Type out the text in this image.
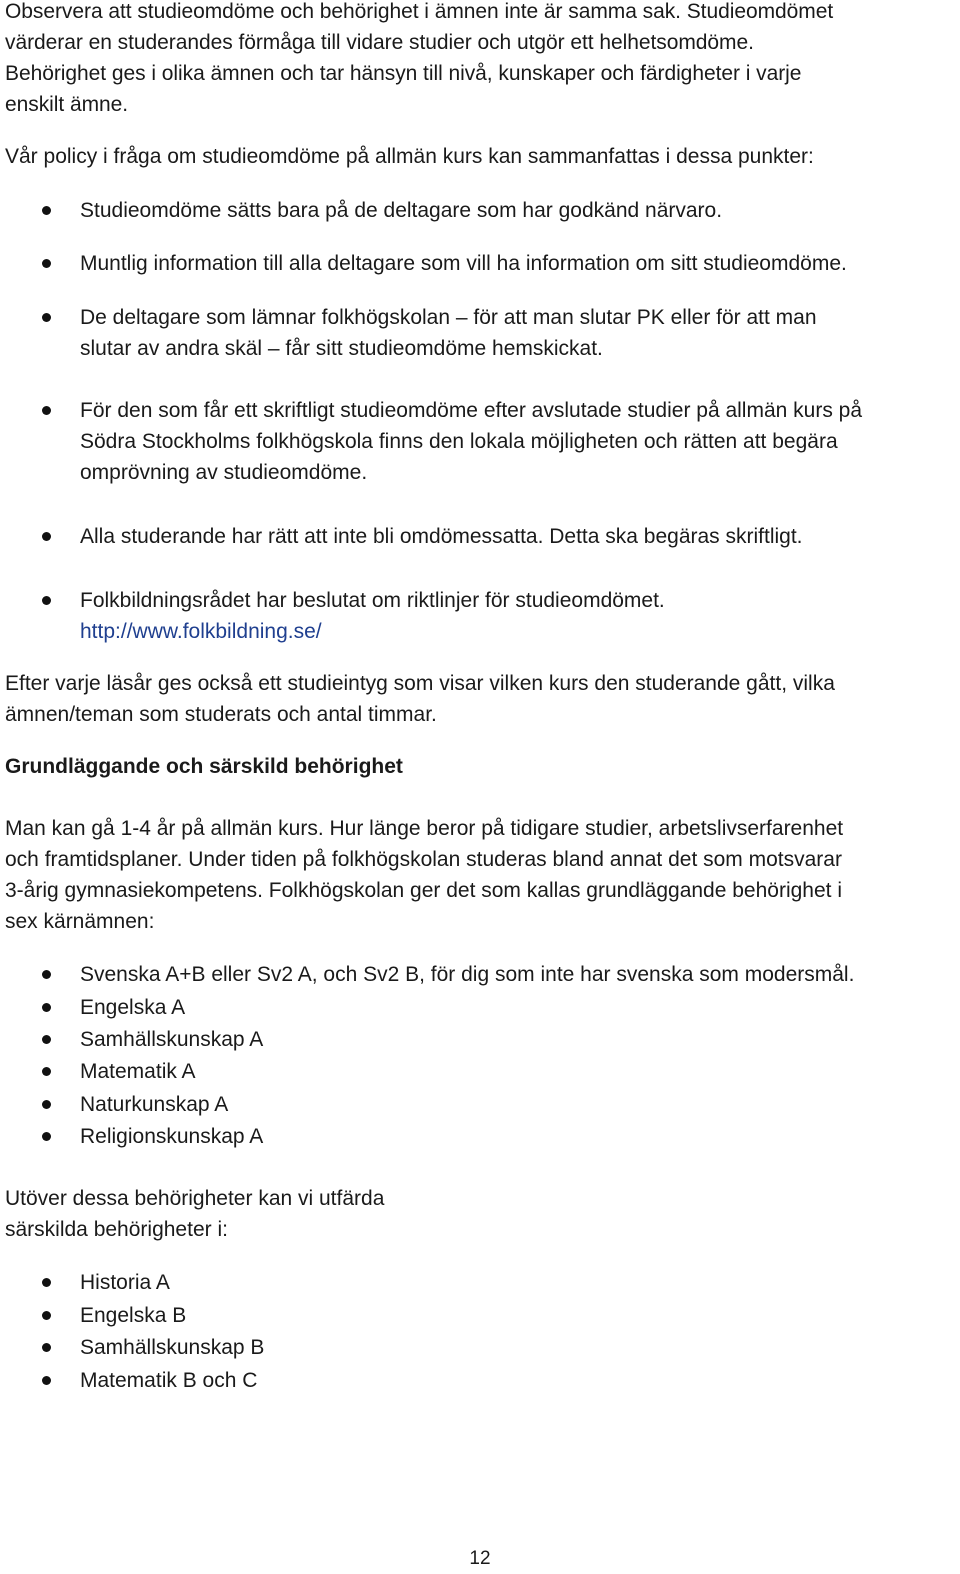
Observera att studieomdöme och behörighet i ämnen inte är samma sak. Studieomdömet
värderar en studerandes förmåga till vidare studier och utgör ett helhetsomdöme.
Behörighet ges i olika ämnen och tar hänsyn till nivå, kunskaper och färdigheter i varje
enskilt ämne.

Vår policy i fråga om studieomdöme på allmän kurs kan sammanfattas i dessa punkter:

Studieomdöme sätts bara på de deltagare som har godkänd närvaro.
Muntlig information till alla deltagare som vill ha information om sitt studieomdöme.
De deltagare som lämnar folkhögskolan – för att man slutar PK eller för att man
slutar av andra skäl – får sitt studieomdöme hemskickat.
För den som får ett skriftligt studieomdöme efter avslutade studier på allmän kurs på
Södra Stockholms folkhögskola finns den lokala möjligheten och rätten att begära
omprövning av studieomdöme.
Alla studerande har rätt att inte bli omdömessatta. Detta ska begäras skriftligt.
Folkbildningsrådet har beslutat om riktlinjer för studieomdömet.
http://www.folkbildning.se/

Efter varje läsår ges också ett studieintyg som visar vilken kurs den studerande gått, vilka
ämnen/teman som studerats och antal timmar.

Grundläggande och särskild behörighet

Man kan gå 1-4 år på allmän kurs. Hur länge beror på tidigare studier, arbetslivserfarenhet
och framtidsplaner. Under tiden på folkhögskolan studeras bland annat det som motsvarar
3-årig gymnasiekompetens. Folkhögskolan ger det som kallas grundläggande behörighet i
sex kärnämnen:

Svenska A+B eller Sv2 A, och Sv2 B, för dig som inte har svenska som modersmål.
Engelska A
Samhällskunskap A
Matematik A
Naturkunskap A
Religionskunskap A

Utöver dessa behörigheter kan vi utfärda
särskilda behörigheter i:

Historia A
Engelska B
Samhällskunskap B
Matematik B och C
12
